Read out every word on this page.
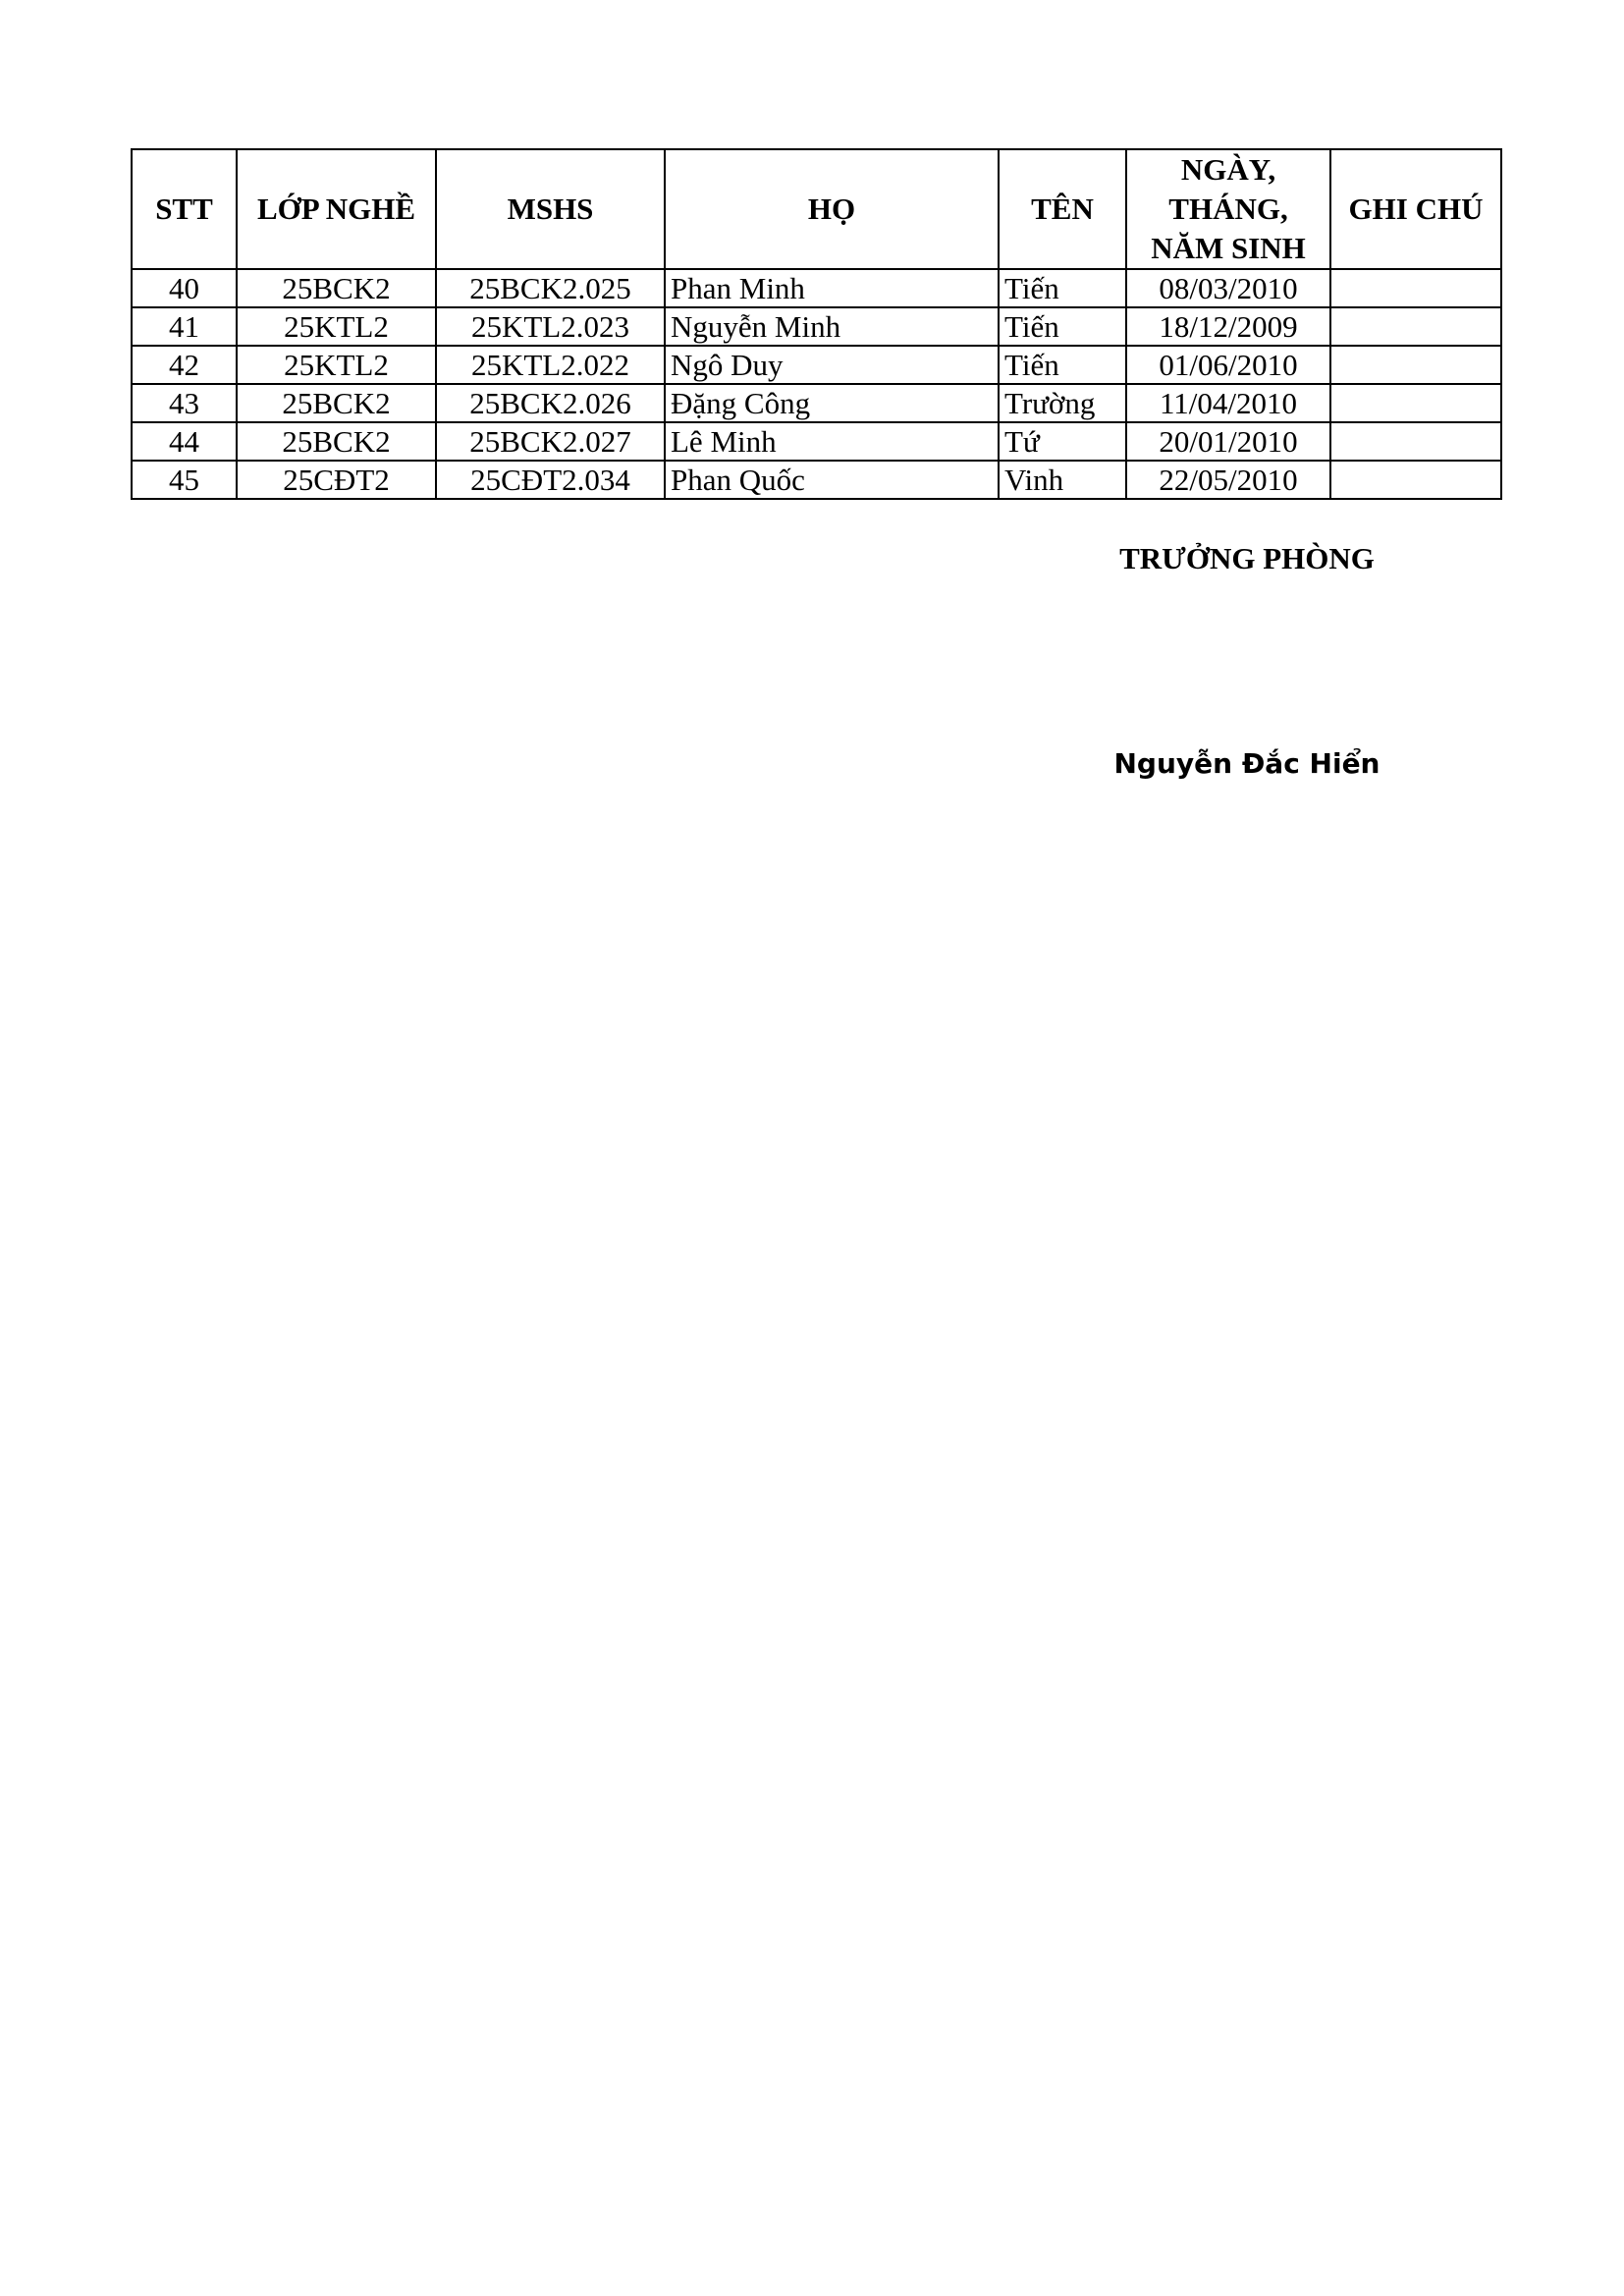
STT	LỚP NGHỀ	MSHS	HỌ	TÊN	NGÀY, THÁNG, NĂM SINH	GHI CHÚ
40	25BCK2	25BCK2.025	Phan Minh	Tiến	08/03/2010	
41	25KTL2	25KTL2.023	Nguyễn Minh	Tiến	18/12/2009	
42	25KTL2	25KTL2.022	Ngô Duy	Tiến	01/06/2010	
43	25BCK2	25BCK2.026	Đặng Công	Trường	11/04/2010	
44	25BCK2	25BCK2.027	Lê Minh	Tứ	20/01/2010	
45	25CĐT2	25CĐT2.034	Phan Quốc	Vinh	22/05/2010	
TRƯỞNG PHÒNG
Nguyễn Đắc Hiển
